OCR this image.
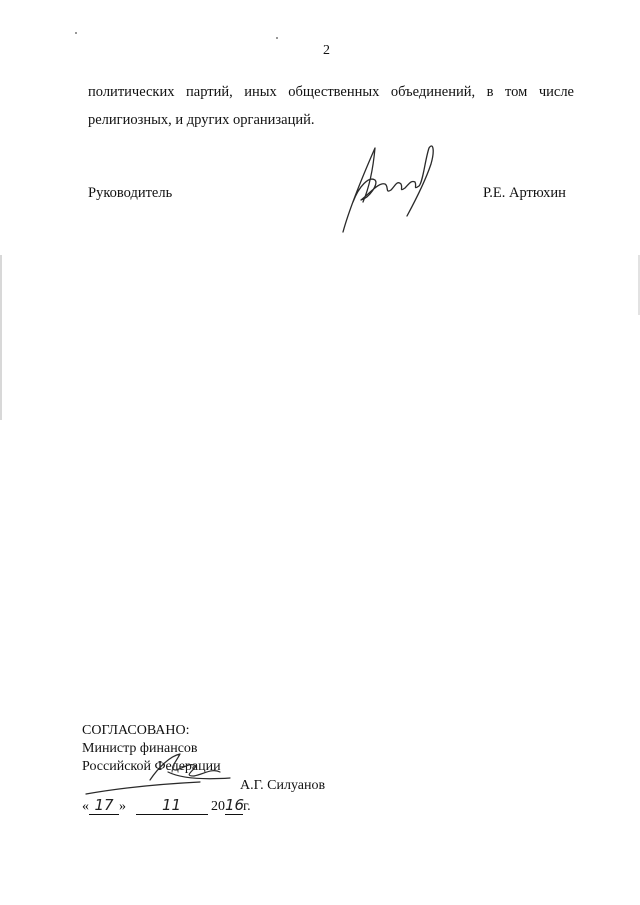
2

политических партий, иных общественных объединений, в том числе
религиозных, и других организаций.

Руководитель	Р.Е. Артюхин
СОГЛАСОВАНО:
Министр финансов
Российской Федерации
А.Г. Силуанов
« 17 » 11 2016г.
